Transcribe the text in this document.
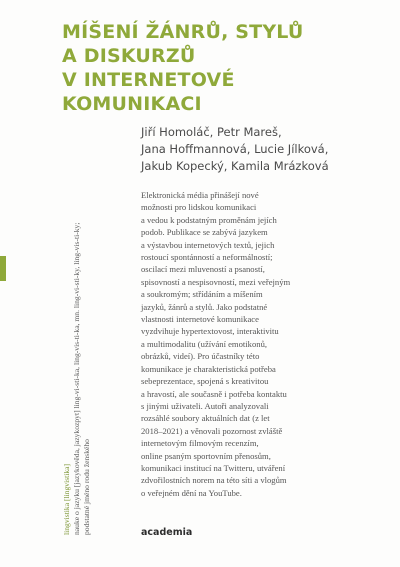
MÍŠENÍ ŽÁNRŮ, STYLŮ
A DISKURZŮ
V INTERNETOVÉ
KOMUNIKACI
Jiří Homoláč, Petr Mareš,
Jana Hoffmannová, Lucie Jílková,
Jakub Kopecký, Kamila Mrázková
Elektronická média přinášejí nové
možnosti pro lidskou komunikaci
a vedou k podstatným proměnám jejích
podob. Publikace se zabývá jazykem
a výstavbou internetových textů, jejich
rostoucí spontánností a neformálností;
oscilací mezi mluveností a psaností,
spisovností a nespisovností, mezi veřejným
a soukromým; střídáním a míšením
jazyků, žánrů a stylů. Jako podstatné
vlastnosti internetové komunikace
vyzdvihuje hypertextovost, interaktivitu
a multimodalitu (užívání emotikonů,
obrázků, videí). Pro účastníky této
komunikace je charakteristická potřeba
sebeprezentace, spojená s kreativitou
a hravostí, ale současně i potřeba kontaktu
s jinými uživateli. Autoři analyzovali
rozsáhlé soubory aktuálních dat (z let
2018–2021) a věnovali pozornost zvláště
internetovým filmovým recenzím,
online psaným sportovním přenosům,
komunikaci institucí na Twitteru, utváření
zdvořilostních norem na této síti a vlogům
o veřejném dění na YouTube.
lingvistika [lingvistika] naukе o jazyku [jazykověda, jazykozpyt] ling-vi-sti-ka, ling-vis-ti-ka, mn. ling-vi-sti-ky, ling-vis-ti-ky; podstatné jméno rodu ženského	academia
